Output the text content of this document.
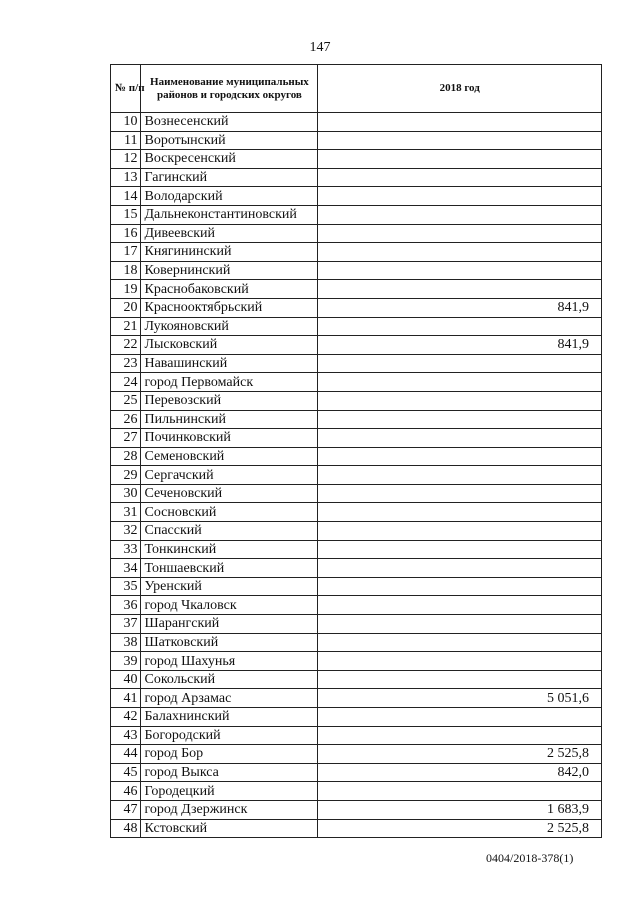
147
№ п/п	Наименование муниципальных районов и городских округов	2018 год
10	Вознесенский	
11	Воротынский	
12	Воскресенский	
13	Гагинский	
14	Володарский	
15	Дальнеконстантиновский	
16	Дивеевский	
17	Княгининский	
18	Ковернинский	
19	Краснобаковский	
20	Краснооктябрьский	841,9
21	Лукояновский	
22	Лысковский	841,9
23	Навашинский	
24	город Первомайск	
25	Перевозский	
26	Пильнинский	
27	Починковский	
28	Семеновский	
29	Сергачский	
30	Сеченовский	
31	Сосновский	
32	Спасский	
33	Тонкинский	
34	Тоншаевский	
35	Уренский	
36	город Чкаловск	
37	Шарангский	
38	Шатковский	
39	город Шахунья	
40	Сокольский	
41	город Арзамас	5 051,6
42	Балахнинский	
43	Богородский	
44	город Бор	2 525,8
45	город Выкса	842,0
46	Городецкий	
47	город Дзержинск	1 683,9
48	Кстовский	2 525,8
0404/2018-378(1)
